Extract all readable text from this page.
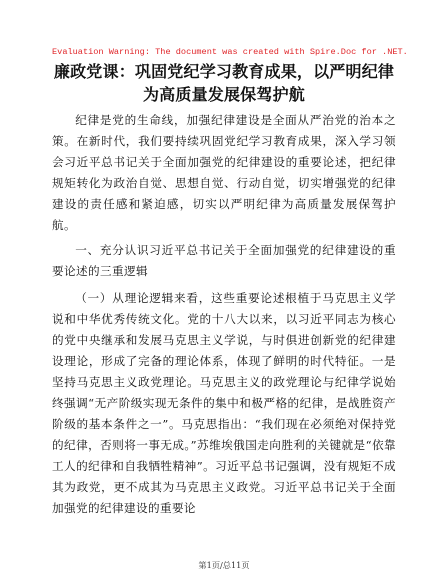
Evaluation Warning: The document was created with Spire.Doc for .NET.
廉政党课：巩固党纪学习教育成果，以严明纪律为高质量发展保驾护航

纪律是党的生命线，加强纪律建设是全面从严治党的治本之策。在新时代，我们要持续巩固党纪学习教育成果，深入学习领会习近平总书记关于全面加强党的纪律建设的重要论述，把纪律规矩转化为政治自觉、思想自觉、行动自觉，切实增强党的纪律建设的责任感和紧迫感，切实以严明纪律为高质量发展保驾护航。

一、充分认识习近平总书记关于全面加强党的纪律建设的重要论述的三重逻辑

（一）从理论逻辑来看，这些重要论述根植于马克思主义学说和中华优秀传统文化。党的十八大以来，以习近平同志为核心的党中央继承和发展马克思主义学说，与时俱进创新党的纪律建设理论，形成了完备的理论体系，体现了鲜明的时代特征。一是坚持马克思主义政党理论。马克思主义的政党理论与纪律学说始终强调“无产阶级实现无条件的集中和极严格的纪律，是战胜资产阶级的基本条件之一”。马克思指出：“我们现在必须绝对保持党的纪律，否则将一事无成。”苏维埃俄国走向胜利的关键就是“依靠工人的纪律和自我牺牲精神”。习近平总书记强调，没有规矩不成其为政党，更不成其为马克思主义政党。习近平总书记关于全面加强党的纪律建设的重要论

第1页/总11页
